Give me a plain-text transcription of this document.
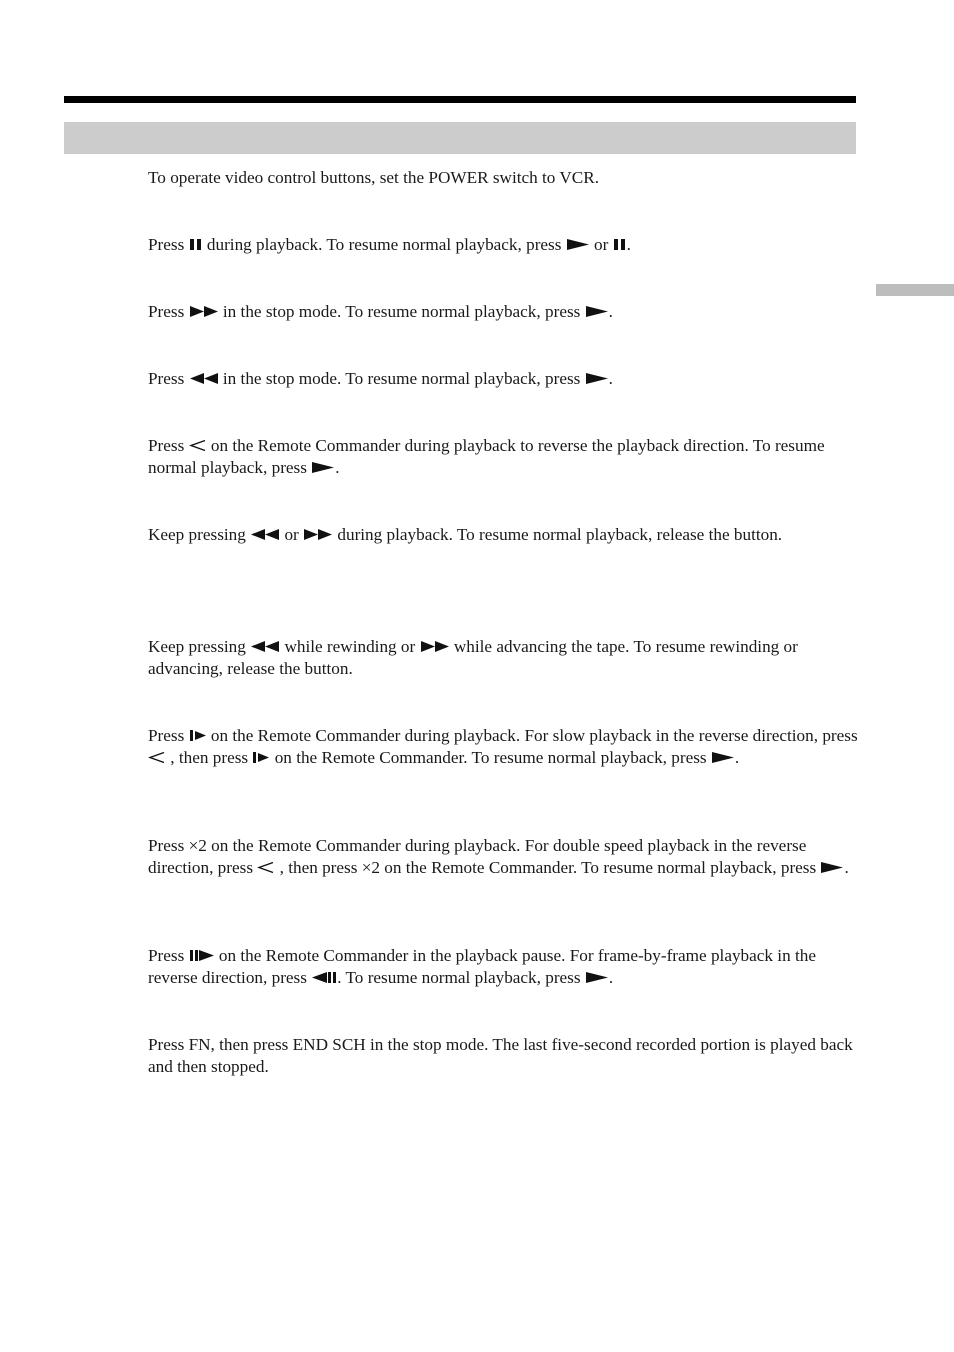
To operate video control buttons, set the POWER switch to VCR.

Press
during playback. To resume normal playback, press
or
.

Press
in the stop mode. To resume normal playback, press
.

Press
in the stop mode. To resume normal playback, press
.

Press
on the Remote Commander during playback to reverse the playback direction. To resume normal playback, press
.

Keep pressing
or
during playback. To resume normal playback, release the button.

Keep pressing
while rewinding or
while advancing the tape. To resume rewinding or advancing, release the button.

Press
on the Remote Commander during playback. For slow playback in the reverse direction, press
, then press
on the Remote Commander. To resume normal playback, press
.

Press ×2 on the Remote Commander during playback. For double speed playback in the reverse direction, press
, then press ×2 on the Remote Commander. To resume normal playback, press
.

Press
on the Remote Commander in the playback pause. For frame-by-frame playback in the reverse direction, press
. To resume normal playback, press
.

Press FN, then press END SCH in the stop mode. The last five-second recorded portion is played back and then stopped.
